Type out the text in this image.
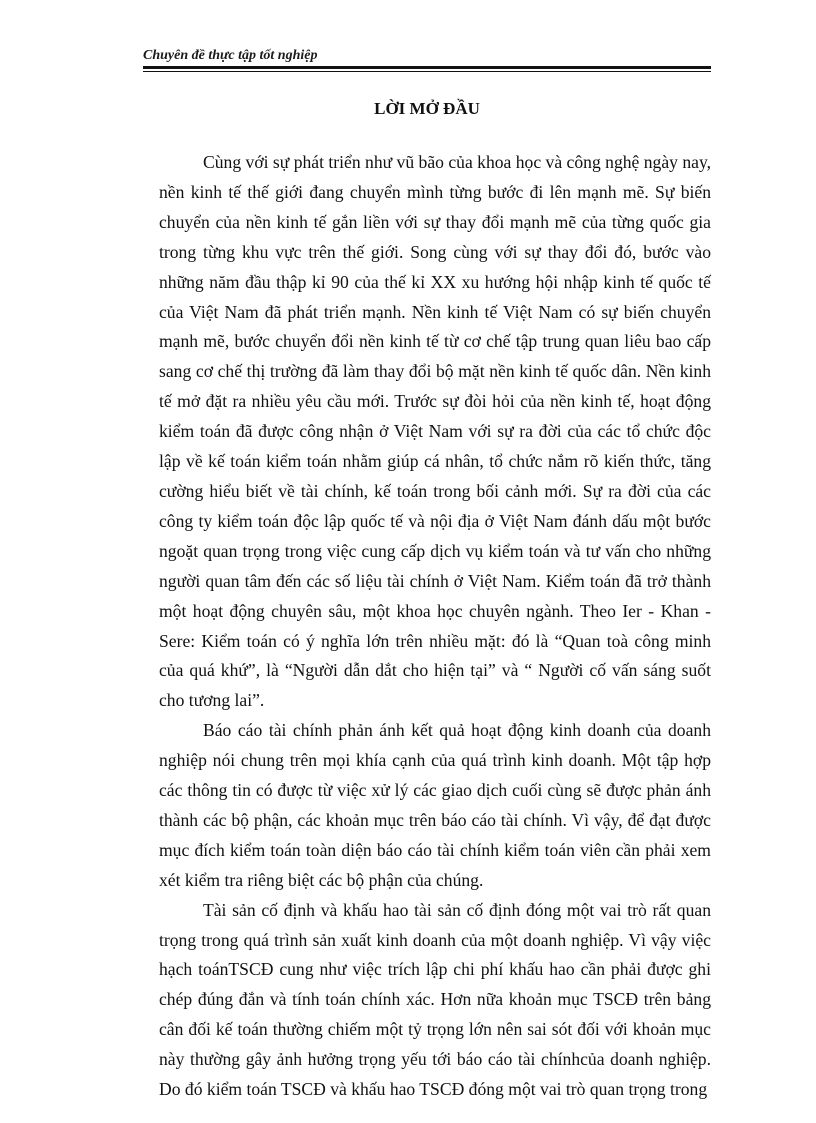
Chuyên đề thực tập tốt nghiệp
LỜI MỞ ĐẦU

Cùng với sự phát triển như vũ bão của khoa học và công nghệ ngày nay, nền kinh tế thế giới đang chuyển mình từng bước đi lên mạnh mẽ. Sự biến chuyển của nền kinh tế gắn liền với sự thay đổi mạnh mẽ của từng quốc gia trong từng khu vực trên thế giới. Song cùng với sự thay đổi đó, bước vào những năm đầu thập kỉ 90 của thế kỉ XX xu hướng hội nhập kinh tế quốc tế của Việt Nam đã phát triển mạnh. Nền kinh tế Việt Nam có sự biến chuyển mạnh mẽ, bước chuyển đổi nền kinh tế từ cơ chế tập trung quan liêu bao cấp sang cơ chế thị trường đã làm thay đổi bộ mặt nền kinh tế quốc dân. Nền kinh tế mở đặt ra nhiều yêu cầu mới. Trước sự đòi hỏi của nền kinh tế, hoạt động kiểm toán đã được công nhận ở Việt Nam với sự ra đời của các tổ chức độc lập về kế toán kiểm toán nhằm giúp cá nhân, tổ chức nắm rõ kiến thức, tăng cường hiểu biết về tài chính, kế toán trong bối cảnh mới. Sự ra đời của các công ty kiểm toán độc lập quốc tế và nội địa ở Việt Nam đánh dấu một bước ngoặt quan trọng trong việc cung cấp dịch vụ kiểm toán và tư vấn cho những người quan tâm đến các số liệu tài chính ở Việt Nam. Kiểm toán đã trở thành một hoạt động chuyên sâu, một khoa học chuyên ngành. Theo Ier - Khan - Sere: Kiểm toán có ý nghĩa lớn trên nhiều mặt: đó là “Quan toà công minh của quá khứ”, là “Người dẫn dắt cho hiện tại” và “ Người cố vấn sáng suốt cho tương lai”.

Báo cáo tài chính phản ánh kết quả hoạt động kinh doanh của doanh nghiệp nói chung trên mọi khía cạnh của quá trình kinh doanh. Một tập hợp các thông tin có được từ việc xử lý các giao dịch cuối cùng sẽ được phản ánh thành các bộ phận, các khoản mục trên báo cáo tài chính. Vì vậy, để đạt được mục đích kiểm toán toàn diện báo cáo tài chính kiểm toán viên cần phải xem xét kiểm tra riêng biệt các bộ phận của chúng.

Tài sản cố định và khấu hao tài sản cố định đóng một vai trò rất quan trọng trong quá trình sản xuất kinh doanh của một doanh nghiệp. Vì vậy việc hạch toánTSCĐ cung như việc trích lập chi phí khấu hao cần phải được ghi chép đúng đắn và tính toán chính xác. Hơn nữa khoản mục TSCĐ trên bảng cân đối kế toán thường chiếm một tỷ trọng lớn nên sai sót đối với khoản mục này thường gây ảnh hưởng trọng yếu tới báo cáo tài chínhcủa doanh nghiệp. Do đó kiểm toán TSCĐ và khấu hao TSCĐ đóng một vai trò quan trọng trong
